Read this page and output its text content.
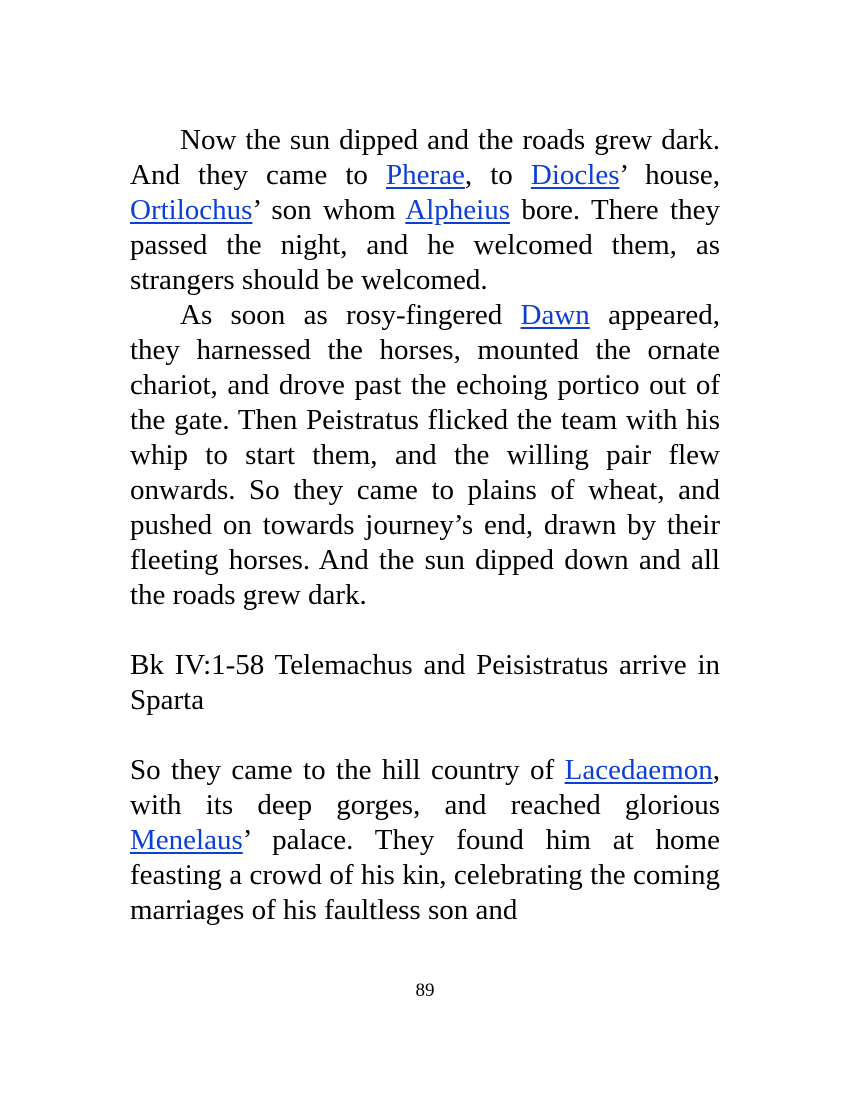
Now the sun dipped and the roads grew dark. And they came to Pherae, to Diocles’ house, Ortilochus’ son whom Alpheius bore. There they passed the night, and he welcomed them, as strangers should be welcomed.

As soon as rosy-fingered Dawn appeared, they harnessed the horses, mounted the ornate chariot, and drove past the echoing portico out of the gate. Then Peistratus flicked the team with his whip to start them, and the willing pair flew onwards. So they came to plains of wheat, and pushed on towards journey’s end, drawn by their fleeting horses. And the sun dipped down and all the roads grew dark.

Bk IV:1-58 Telemachus and Peisistratus arrive in Sparta

So they came to the hill country of Lacedaemon, with its deep gorges, and reached glorious Menelaus’ palace. They found him at home feasting a crowd of his kin, celebrating the coming marriages of his faultless son and

89
